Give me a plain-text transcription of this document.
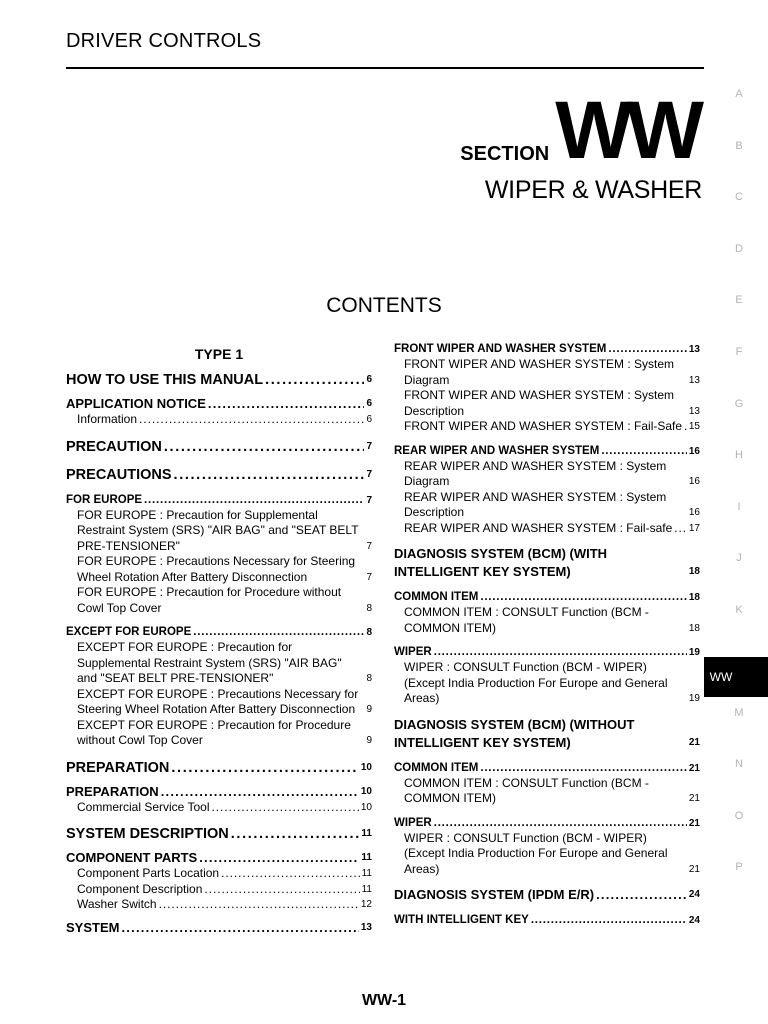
DRIVER CONTROLS
SECTION WW
WIPER & WASHER
CONTENTS
TYPE 1
HOW TO USE THIS MANUAL . . .	6
APPLICATION NOTICE . . .	6
Information . . .	6
PRECAUTION . . .	7
PRECAUTIONS . . .	7
FOR EUROPE . . .	7
FOR EUROPE : Precaution for Supplemental Restraint System (SRS) "AIR BAG" and "SEAT BELT PRE-TENSIONER"	7
FOR EUROPE : Precautions Necessary for Steering Wheel Rotation After Battery Disconnection	7
FOR EUROPE : Precaution for Procedure without Cowl Top Cover	8
EXCEPT FOR EUROPE . . .	8
EXCEPT FOR EUROPE : Precaution for Supplemental Restraint System (SRS) "AIR BAG" and "SEAT BELT PRE-TENSIONER"	8
EXCEPT FOR EUROPE : Precautions Necessary for Steering Wheel Rotation After Battery Disconnection	9
EXCEPT FOR EUROPE : Precaution for Procedure without Cowl Top Cover	9
PREPARATION . . .	10
PREPARATION . . .	10
Commercial Service Tool . . .	10
SYSTEM DESCRIPTION . . .	11
COMPONENT PARTS . . .	11
Component Parts Location . . .	11
Component Description . . .	11
Washer Switch . . .	12
SYSTEM . . .	13
FRONT WIPER AND WASHER SYSTEM . . .	13
FRONT WIPER AND WASHER SYSTEM : System Diagram	13
FRONT WIPER AND WASHER SYSTEM : System Description	13
FRONT WIPER AND WASHER SYSTEM : Fail-Safe . . . 15
REAR WIPER AND WASHER SYSTEM . . .	16
REAR WIPER AND WASHER SYSTEM : System Diagram	16
REAR WIPER AND WASHER SYSTEM : System Description	16
REAR WIPER AND WASHER SYSTEM : Fail-safe . . . 17
DIAGNOSIS SYSTEM (BCM) (WITH INTELLIGENT KEY SYSTEM)	18
COMMON ITEM . . .	18
COMMON ITEM : CONSULT Function (BCM - COMMON ITEM)	18
WIPER . . .	19
WIPER : CONSULT Function (BCM - WIPER) (Except India Production For Europe and General Areas)	19
DIAGNOSIS SYSTEM (BCM) (WITHOUT INTELLIGENT KEY SYSTEM)	21
COMMON ITEM . . .	21
COMMON ITEM : CONSULT Function (BCM - COMMON ITEM)	21
WIPER . . .	21
WIPER : CONSULT Function (BCM - WIPER) (Except India Production For Europe and General Areas)	21
DIAGNOSIS SYSTEM (IPDM E/R) . . .	24
WITH INTELLIGENT KEY . . .	24
A
B
C
D
E
F
G
H
I
J
K
WW
M
N
O
P
WW-1
